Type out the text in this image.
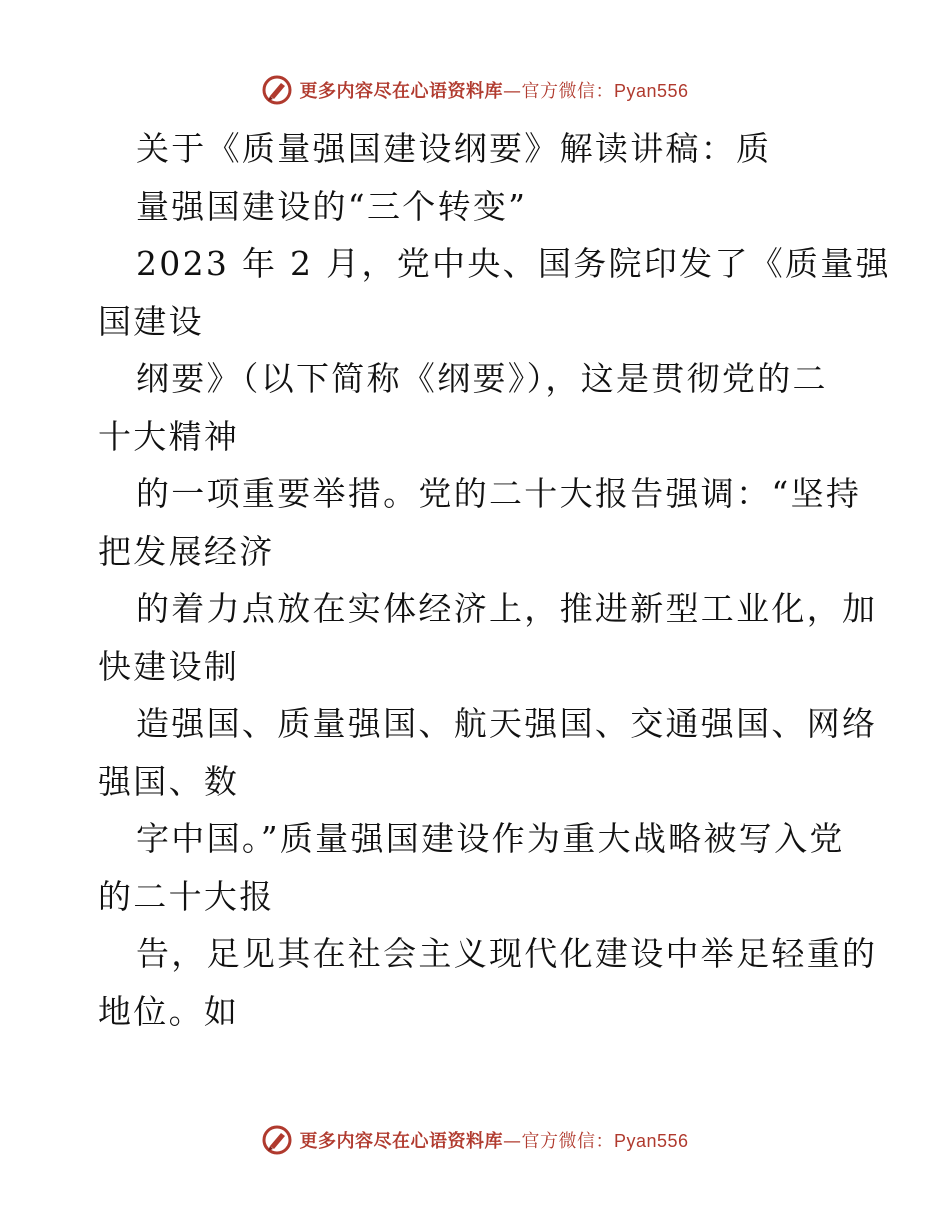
更多内容尽在心语资料库—官方微信：Pyan556
关于《质量强国建设纲要》解读讲稿：质
量强国建设的“三个转变”
2023 年 2 月，党中央、国务院印发了《质量强
国建设
纲要》（以下简称《纲要》），这是贯彻党的二
十大精神
的一项重要举措。党的二十大报告强调：“坚持
把发展经济
的着力点放在实体经济上，推进新型工业化，加
快建设制
造强国、质量强国、航天强国、交通强国、网络
强国、数
字中国。”质量强国建设作为重大战略被写入党
的二十大报
告，足见其在社会主义现代化建设中举足轻重的
地位。如
更多内容尽在心语资料库—官方微信：Pyan556
